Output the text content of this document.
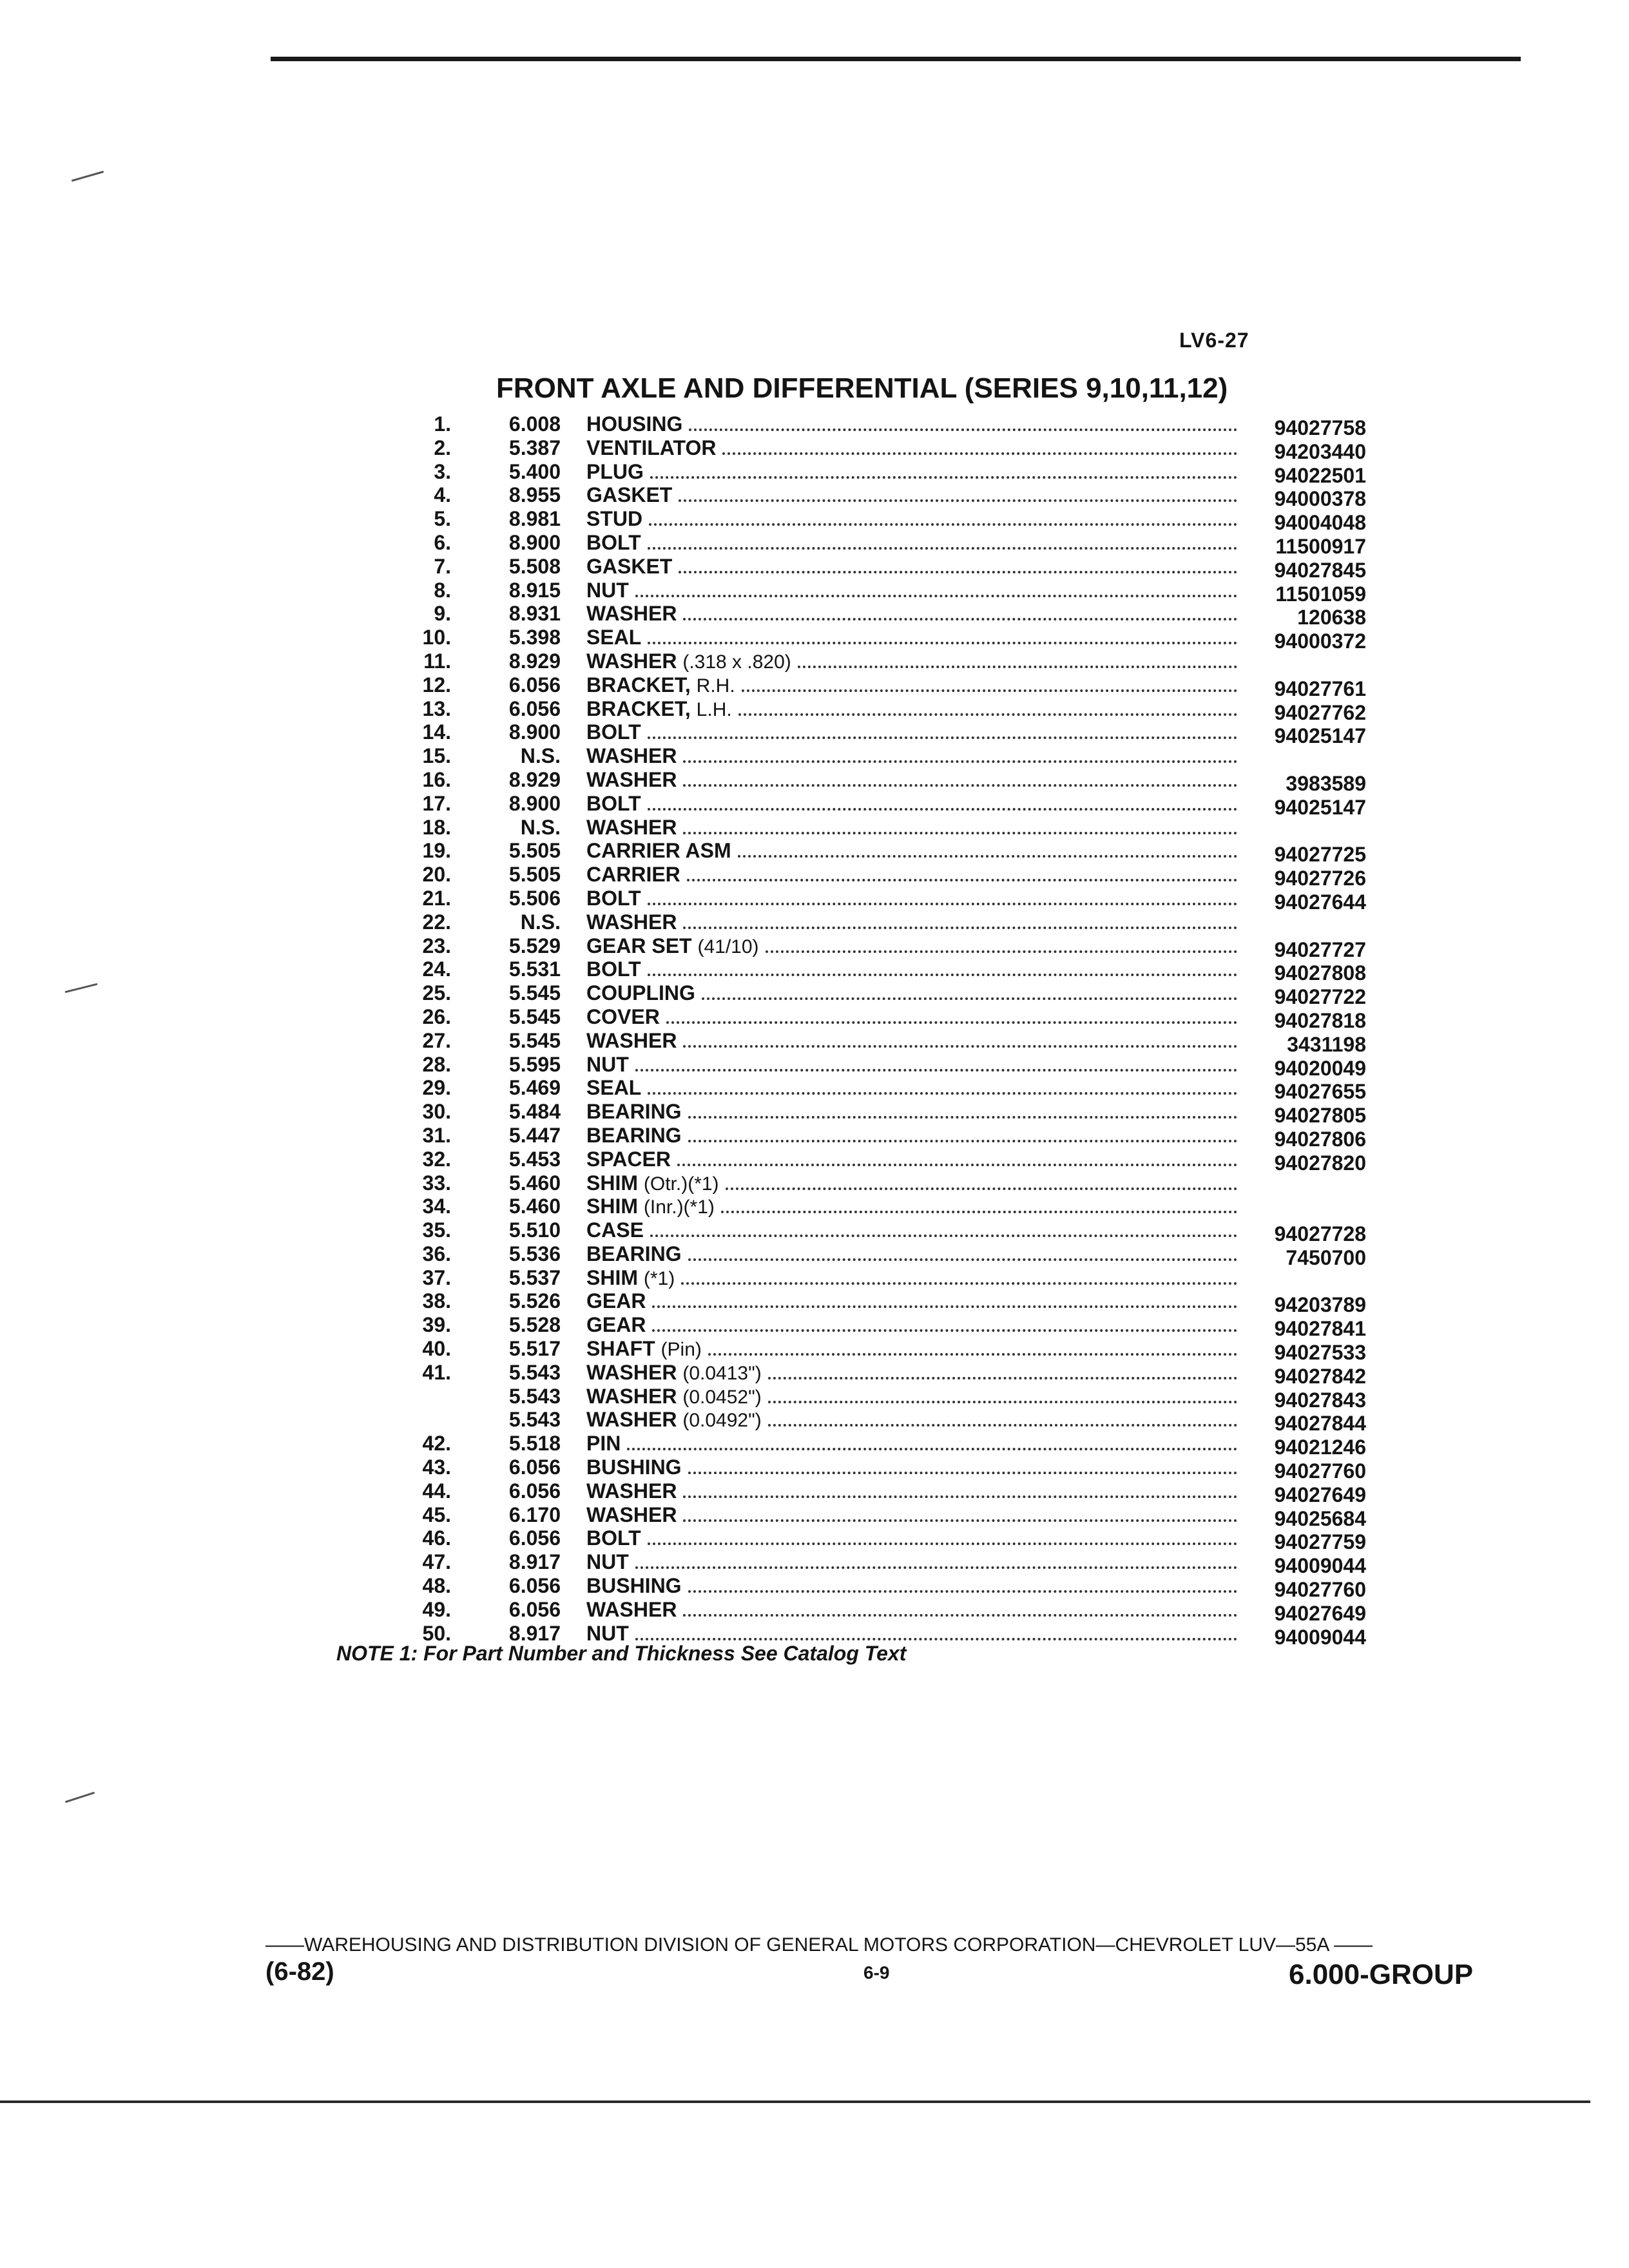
LV6-27
FRONT AXLE AND DIFFERENTIAL (SERIES 9,10,11,12)
1.	6.008 HOUSING	94027758
2.	5.387 VENTILATOR	94203440
3.	5.400 PLUG	94022501
4.	8.955 GASKET	94000378
5.	8.981 STUD	94004048
6.	8.900 BOLT	11500917
7.	5.508 GASKET	94027845
8.	8.915 NUT	11501059
9.	8.931 WASHER	120638
10.	5.398 SEAL	94000372
11.	8.929 WASHER (.318 x .820)
12.	6.056 BRACKET, R.H.	94027761
13.	6.056 BRACKET, L.H.	94027762
14.	8.900 BOLT	94025147
15.	N.S. WASHER
16.	8.929 WASHER	3983589
17.	8.900 BOLT	94025147
18.	N.S. WASHER
19.	5.505 CARRIER ASM	94027725
20.	5.505 CARRIER	94027726
21.	5.506 BOLT	94027644
22.	N.S. WASHER
23.	5.529 GEAR SET (41/10)	94027727
24.	5.531 BOLT	94027808
25.	5.545 COUPLING	94027722
26.	5.545 COVER	94027818
27.	5.545 WASHER	3431198
28.	5.595 NUT	94020049
29.	5.469 SEAL	94027655
30.	5.484 BEARING	94027805
31.	5.447 BEARING	94027806
32.	5.453 SPACER	94027820
33.	5.460 SHIM (Otr.)(*1)
34.	5.460 SHIM (Inr.)(*1)
35.	5.510 CASE	94027728
36.	5.536 BEARING	7450700
37.	5.537 SHIM (*1)
38.	5.526 GEAR	94203789
39.	5.528 GEAR	94027841
40.	5.517 SHAFT (Pin)	94027533
41.	5.543 WASHER (0.0413")	94027842
5.543 WASHER (0.0452")	94027843
5.543 WASHER (0.0492")	94027844
42.	5.518 PIN	94021246
43.	6.056 BUSHING	94027760
44.	6.056 WASHER	94027649
45.	6.170 WASHER	94025684
46.	6.056 BOLT	94027759
47.	8.917 NUT	94009044
48.	6.056 BUSHING	94027760
49.	6.056 WASHER	94027649
50.	8.917 NUT	94009044
NOTE 1: For Part Number and Thickness See Catalog Text
——WAREHOUSING AND DISTRIBUTION DIVISION OF GENERAL MOTORS CORPORATION—CHEVROLET LUV—55A ——
(6-82)	6-9	6.000-GROUP
